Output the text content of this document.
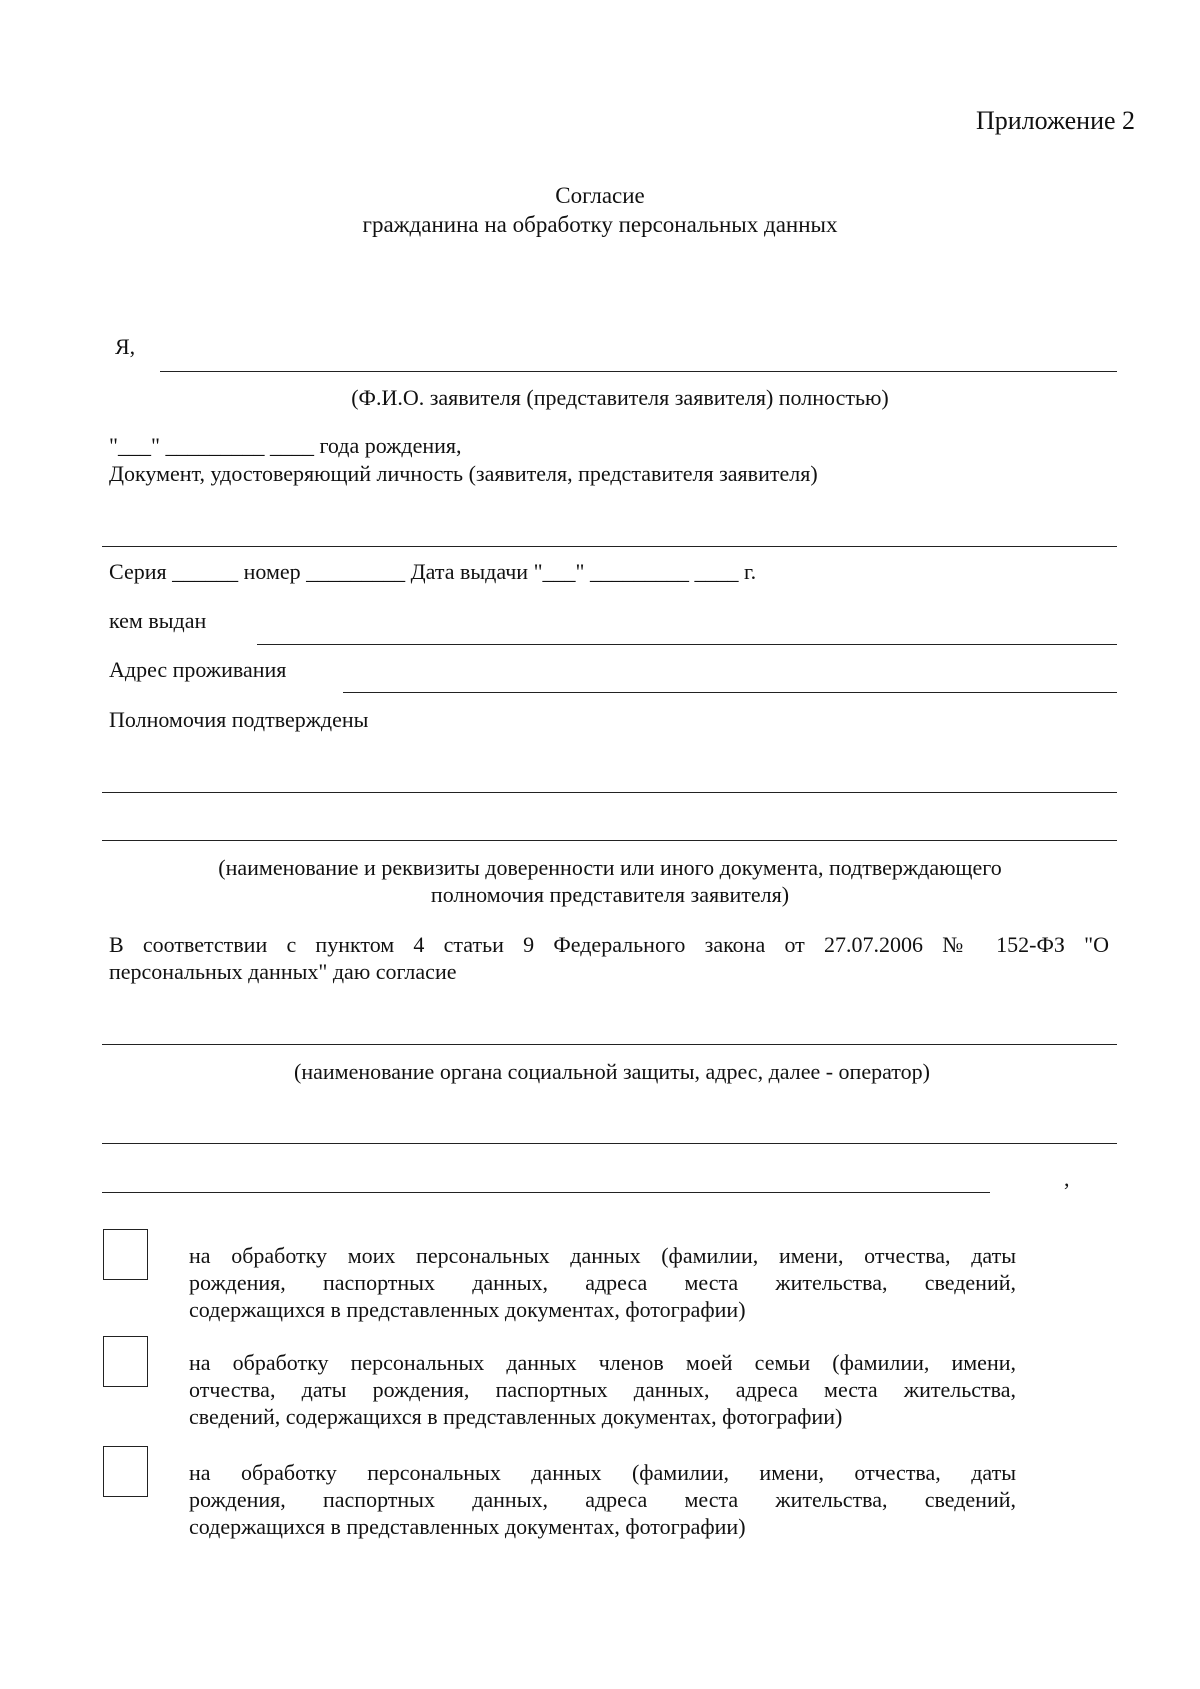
Приложение 2
Согласие
гражданина на обработку персональных данных
Я,
(Ф.И.О. заявителя (представителя заявителя) полностью)
"___" _________ ____ года рождения,
Документ, удостоверяющий личность (заявителя, представителя заявителя)
Серия ______ номер _________ Дата выдачи "___" _________ ____ г.
кем выдан
Адрес проживания
Полномочия подтверждены
(наименование и реквизиты доверенности или иного документа, подтверждающего
полномочия представителя заявителя)
В соответствии с пунктом 4 статьи 9 Федерального закона от 27.07.2006 № 152-ФЗ "О
персональных данных" даю согласие
(наименование органа социальной защиты, адрес, далее - оператор)
,
на обработку моих персональных данных (фамилии, имени, отчества, даты
рождения, паспортных данных, адреса места жительства, сведений,
содержащихся в представленных документах, фотографии)
на обработку персональных данных членов моей семьи (фамилии, имени,
отчества, даты рождения, паспортных данных, адреса места жительства,
сведений, содержащихся в представленных документах, фотографии)
на обработку персональных данных (фамилии, имени, отчества, даты
рождения, паспортных данных, адреса места жительства, сведений,
содержащихся в представленных документах, фотографии)
